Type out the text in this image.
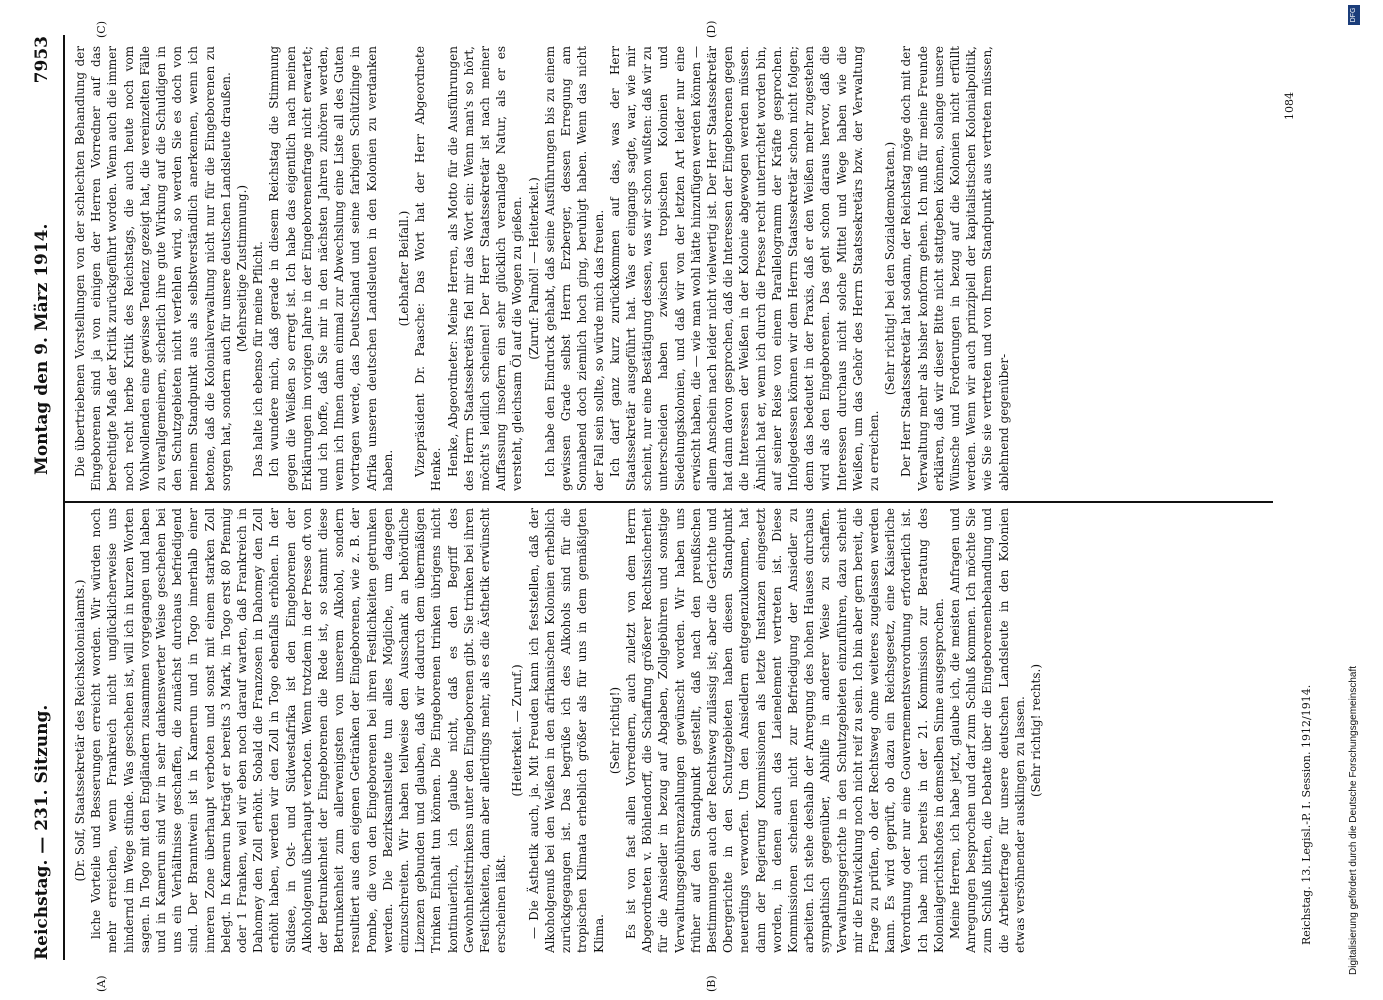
Reichstag. — 231. Sitzung.
Montag den 9. März 1914.
7953
(A)	(B)
(C)	(D)

(Dr. Solf, Staatssekretär des Reichskolonialamts.) liche Vorteile und Besserungen erreicht worden. Wir würden noch mehr erreichen, wenn Frankreich nicht unglücklicherweise uns hindernd im Wege stünde. Was geschehen ist, will ich in kurzen Worten sagen. In Togo mit den Engländern zusammen vorgegangen und haben und in Kamerun sind wir in sehr dankenswerter Weise geschehen bei uns ein Verhältnisse geschaffen, die zunächst durchaus befriedigend sind. Der Branntwein ist in Kamerun und in Togo innerhalb einer inneren Zone überhaupt verboten und sonst mit einem starken Zoll belegt. In Kamerun beträgt er bereits 3 Mark, in Togo erst 80 Pfennig oder 1 Franken, weil wir eben noch darauf warten, daß Frankreich in Dahomey den Zoll erhöht. Sobald die Franzosen in Dahomey den Zoll erhöht haben, werden wir den Zoll in Togo ebenfalls erhöhen. In der Südsee, in Ost- und Südwestafrika ist den Eingeborenen der Alkoholgenuß überhaupt verboten. Wenn trotzdem in der Presse oft von der Betrunkenheit der Eingeborenen die Rede ist, so stammt diese Betrunkenheit zum allerwenigsten von unserem Alkohol, sondern resultiert aus den eigenen Getränken der Eingeborenen, wie z. B. der Pombe, die von den Eingeborenen bei ihren Festlichkeiten getrunken werden. Die Bezirksamtsleute tun alles Mögliche, um dagegen einzuschreiten. Wir haben teilweise den Ausschank an behördliche Lizenzen gebunden und glauben, daß wir dadurch dem übermäßigen Trinken Einhalt tun können. Die Eingeborenen trinken übrigens nicht kontinuierlich, ich glaube nicht, daß es den Begriff des Gewohnheitstrinkens unter den Eingeborenen gibt. Sie trinken bei ihren Festlichkeiten, dann aber allerdings mehr, als es die Ästhetik erwünscht erscheinen läßt.

(Heiterkeit. — Zuruf.) — Die Ästhetik auch, ja. Mit Freuden kann ich feststellen, daß der Alkoholgenuß bei den Weißen in den afrikanischen Kolonien erheblich zurückgegangen ist. Das begrüße ich des Alkohols sind für die tropischen Klimata erheblich größer als für uns in dem gemäßigten Klima.

(Sehr richtig!) Es ist von fast allen Vorrednern, auch zuletzt von dem Herrn Abgeordneten v. Böhlendorff, die Schaffung größerer Rechtssicherheit für die Ansiedler in bezug auf Abgaben, Zollgebühren und sonstige Verwaltungsgebührenzahlungen gewünscht worden. Wir haben uns früher auf den Standpunkt gestellt, daß nach den preußischen Bestimmungen auch der Rechtsweg zulässig ist; aber die Gerichte und Obergerichte in den Schutzgebieten haben diesen Standpunkt neuerdings verworfen. Um den Ansiedlern entgegenzukommen, hat dann der Regierung Kommissionen als letzte Instanzen eingesetzt worden, in denen auch das Laienelement vertreten ist. Diese Kommissionen scheinen nicht zur Befriedigung der Ansiedler zu arbeiten. Ich stehe deshalb der Anregung des hohen Hauses durchaus sympathisch gegenüber, Abhilfe in anderer Weise zu schaffen. Verwaltungsgerichte in den Schutzgebieten einzuführen, dazu scheint mir die Entwicklung noch nicht reif zu sein. Ich bin aber gern bereit, die Frage zu prüfen, ob der Rechtsweg ohne weiteres zugelassen werden kann. Es wird geprüft, ob dazu ein Reichsgesetz, eine Kaiserliche Verordnung oder nur eine Gouvernementsverordnung erforderlich ist. Ich habe mich bereits in der 21. Kommission zur Beratung des Kolonialgerichtshofes in demselben Sinne ausgesprochen. Meine Herren, ich habe jetzt, glaube ich, die meisten Anfragen und Anregungen besprochen und darf zum Schluß kommen. Ich möchte Sie zum Schluß bitten, die Debatte über die Eingeborenenbehandlung und die Arbeiterfrage für unsere deutschen Landsleute in den Kolonien etwas versöhnender ausklingen zu lassen. (Sehr richtig! rechts.)

Die übertriebenen Vorstellungen von der schlechten Behandlung der Eingeborenen sind ja von einigen der Herren Vorredner auf das berechtigte Maß der Kritik zurückgeführt worden. Wenn auch die immer noch recht herbe Kritik des Reichstags, die auch heute noch vom Wohlwollenden eine gewisse Tendenz gezeigt hat, die vereinzelten Fälle zu verallgemeinern, sicherlich ihre gute Wirkung auf die Schuldigen in den Schutzgebieten nicht verfehlen wird, so werden Sie es doch von meinem Standpunkt aus als selbstverständlich anerkennen, wenn ich betone, daß die Kolonialverwaltung nicht nur für die Eingeborenen zu sorgen hat, sondern auch für unsere deutschen Landsleute draußen. (Mehrseitige Zustimmung.) Das halte ich ebenso für meine Pflicht. Ich wundere mich, daß gerade in diesem Reichstag die Stimmung gegen die Weißen so erregt ist. Ich habe das eigentlich nach meinen Erklärungen im vorigen Jahre in der Eingeborenenfrage nicht erwartet; und ich hoffe, daß Sie mir in den nächsten Jahren zuhören werden, wenn ich Ihnen dann einmal zur Abwechslung eine Liste all des Guten vortragen werde, das Deutschland und seine farbigen Schützlinge in Afrika unseren deutschen Landsleuten in den Kolonien zu verdanken haben.

(Lebhafter Beifall.) Vizepräsident Dr. Paasche: Das Wort hat der Herr Abgeordnete Henke. Henke, Abgeordneter: Meine Herren, als Motto für die Ausführungen des Herrn Staatssekretärs fiel mir das Wort ein: Wenn man's so hört, möcht's leidlich scheinen! Der Herr Staatssekretär ist nach meiner Auffassung insofern ein sehr glücklich veranlagte Natur, als er es versteht, gleichsam Öl auf die Wogen zu gießen. (Zuruf: Palmöl! — Heiterkeit.) Ich habe den Eindruck gehabt, daß seine Ausführungen bis zu einem gewissen Grade selbst Herrn Erzberger, dessen Erregung am Sonnabend doch ziemlich hoch ging, beruhigt haben. Wenn das nicht der Fall sein sollte, so würde mich das freuen. Ich darf ganz kurz zurückkommen auf das, was der Herr Staatssekretär ausgeführt hat. Was er eingangs sagte, war, wie mir scheint, nur eine Bestätigung dessen, was wir schon wußten: daß wir zu unterscheiden haben zwischen tropischen Kolonien und Siedelungskolonien, und daß wir von der letzten Art leider nur eine erwischt haben, die — wie man wohl hätte hinzufügen werden können — allem Anschein nach leider nicht vielwertig ist. Der Herr Staatssekretär hat dann davon gesprochen, daß die Interessen der Eingeborenen gegen die Interessen der Weißen in der Kolonie abgewogen werden müssen. Ähnlich hat er, wenn ich durch die Presse recht unterrichtet worden bin, auf seiner Reise von einem Parallelogramm der Kräfte gesprochen. Infolgedessen können wir dem Herrn Staatssekretär schon nicht folgen; denn das bedeutet in der Praxis, daß er den Weißen mehr zugestehen wird als den Eingeborenen. Das geht schon daraus hervor, daß die Interessen durchaus nicht solche Mittel und Wege haben wie die Weißen, um das Gehör des Herrn Staatssekretärs bzw. der Verwaltung zu erreichen.

(Sehr richtig! bei den Sozialdemokraten.) Der Herr Staatssekretär hat sodann, der Reichstag möge doch mit der Verwaltung mehr als bisher konform gehen. Ich muß für meine Freunde erklären, daß wir dieser Bitte nicht stattgeben können, solange unsere Wünsche und Forderungen in bezug auf die Kolonien nicht erfüllt werden. Wenn wir auch prinzipiell der kapitalistischen Kolonialpolitik, wie Sie sie vertreten und von Ihrem Standpunkt aus vertreten müssen, ablehnend gegenüber-

Reichstag. 13. Legisl.-P. I. Session. 1912/1914.
1084
Digitalisierung gefördert durch die Deutsche Forschungsgemeinschaft
DFG
